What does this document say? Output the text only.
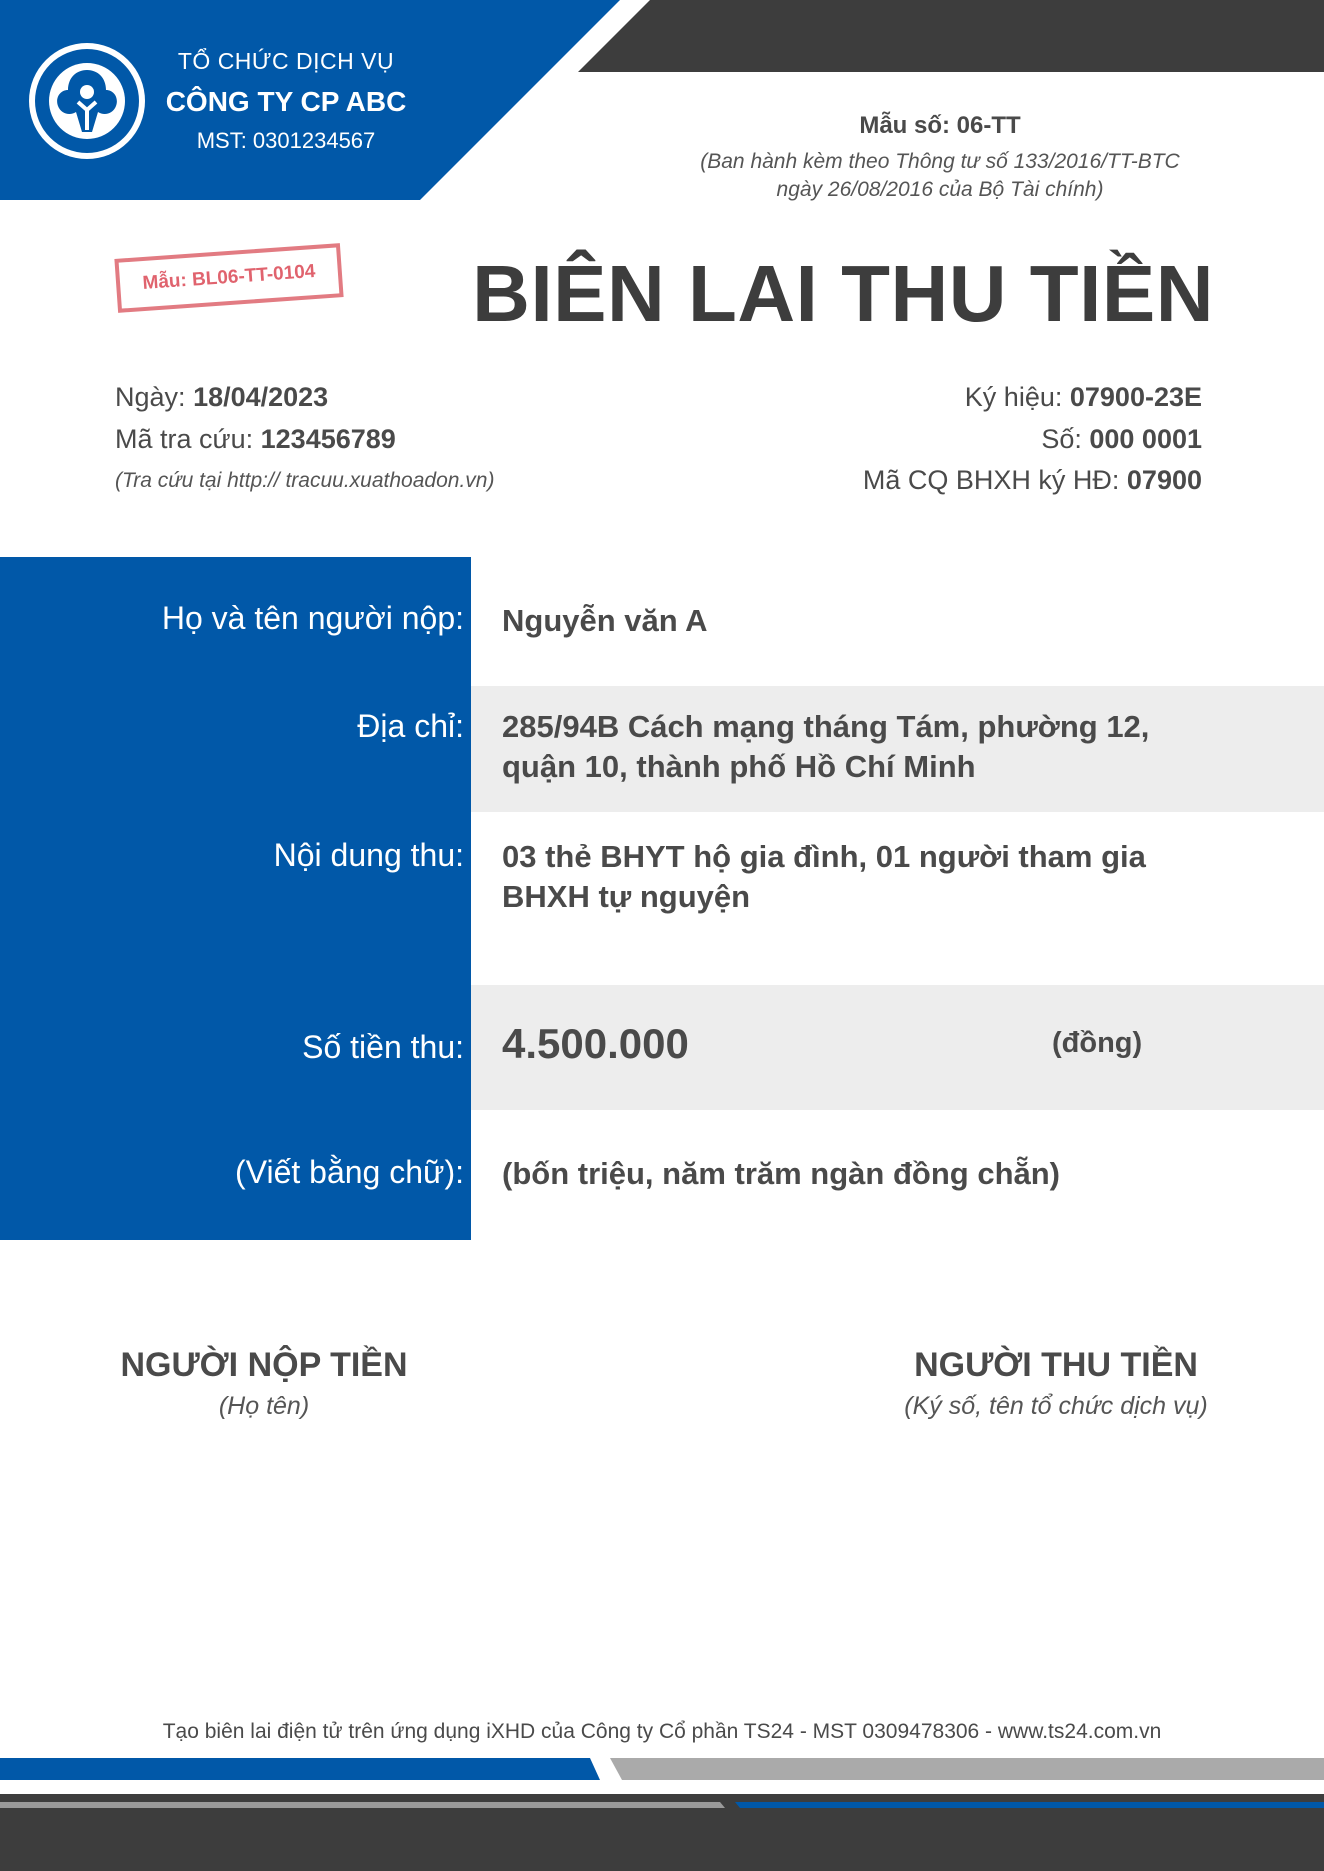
TỔ CHỨC DỊCH VỤ
CÔNG TY CP ABC
MST: 0301234567
Mẫu số: 06-TT
(Ban hành kèm theo Thông tư số 133/2016/TT-BTC
ngày 26/08/2016 của Bộ Tài chính)
Mẫu: BL06-TT-0104	BIÊN LAI THU TIỀN
Ngày: 18/04/2023
Mã tra cứu: 123456789
(Tra cứu tại http:// tracuu.xuathoadon.vn)
Ký hiệu: 07900-23E
Số: 000 0001
Mã CQ BHXH ký HĐ: 07900
Họ và tên người nộp: Nguyễn văn A
Địa chỉ: 285/94B Cách mạng tháng Tám, phường 12,
quận 10, thành phố Hồ Chí Minh
Nội dung thu: 03 thẻ BHYT hộ gia đình, 01 người tham gia
BHXH tự nguyện
Số tiền thu: 4.500.000	(đồng)
(Viết bằng chữ): (bốn triệu, năm trăm ngàn đồng chẵn)
NGƯỜI NỘP TIỀN
(Họ tên)
NGƯỜI THU TIỀN
(Ký số, tên tổ chức dịch vụ)
Tạo biên lai điện tử trên ứng dụng iXHD của Công ty Cổ phần TS24 - MST 0309478306 - www.ts24.com.vn
